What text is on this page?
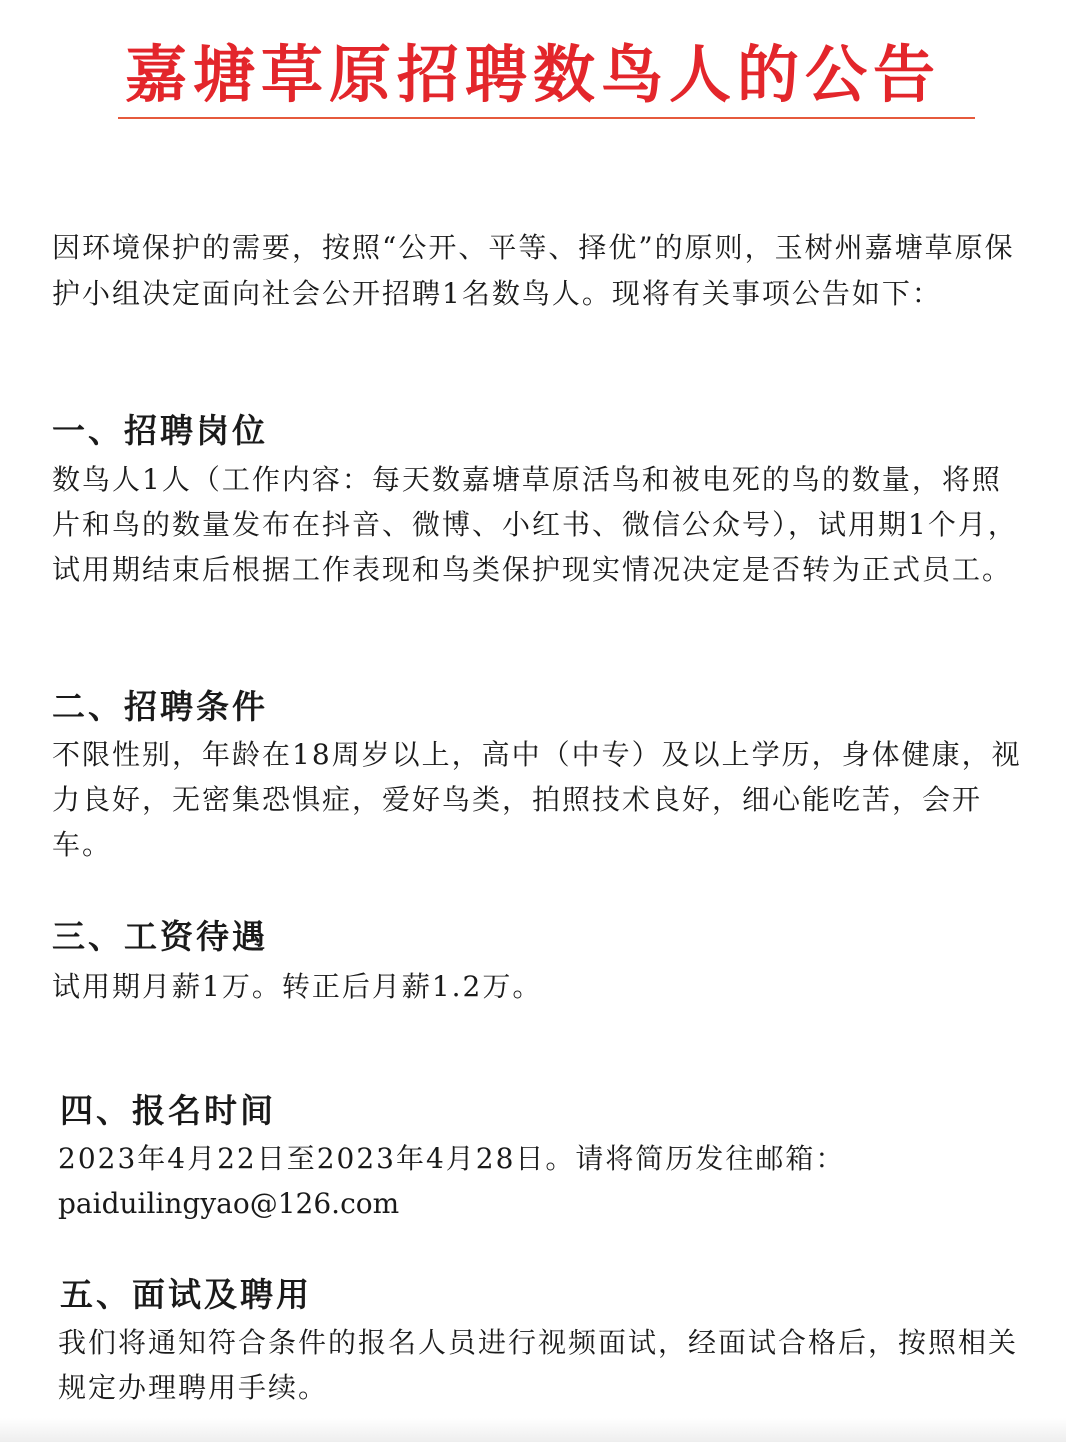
嘉塘草原招聘数鸟人的公告
因环境保护的需要，按照“公开、平等、择优”的原则，玉树州嘉塘草原保护小组决定面向社会公开招聘1名数鸟人。现将有关事项公告如下：
一、招聘岗位
数鸟人1人（工作内容：每天数嘉塘草原活鸟和被电死的鸟的数量，将照片和鸟的数量发布在抖音、微博、小红书、微信公众号），试用期1个月，试用期结束后根据工作表现和鸟类保护现实情况决定是否转为正式员工。
二、招聘条件
不限性别，年龄在18周岁以上，高中（中专）及以上学历，身体健康，视力良好，无密集恐惧症，爱好鸟类，拍照技术良好，细心能吃苦，会开车。
三、工资待遇
试用期月薪1万。转正后月薪1.2万。
四、报名时间
2023年4月22日至2023年4月28日。请将简历发往邮箱：
paiduilingyao@126.com
五、面试及聘用
我们将通知符合条件的报名人员进行视频面试，经面试合格后，按照相关规定办理聘用手续。
